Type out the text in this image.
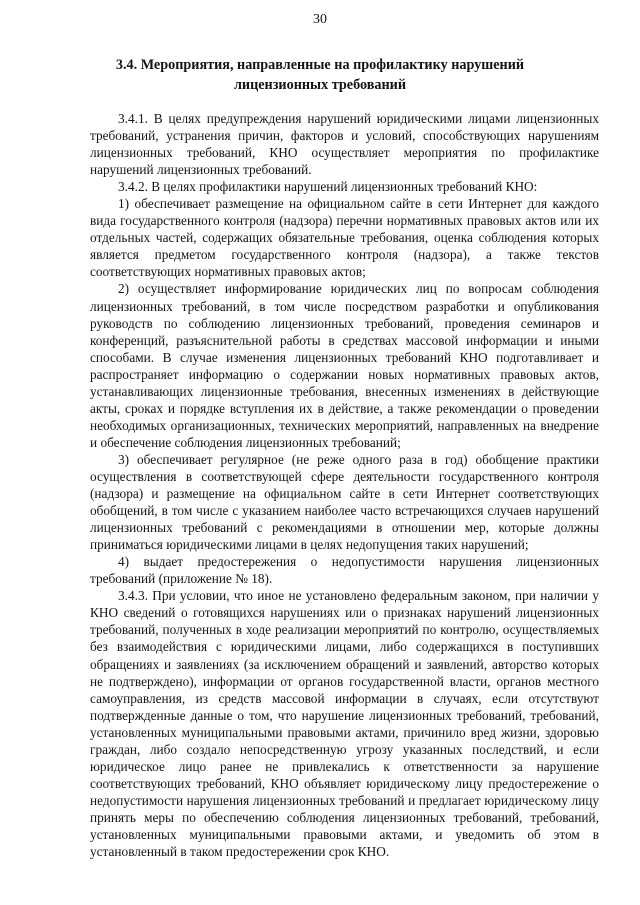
30
3.4. Мероприятия, направленные на профилактику нарушений лицензионных требований

3.4.1. В целях предупреждения нарушений юридическими лицами лицензионных требований, устранения причин, факторов и условий, способствующих нарушениям лицензионных требований, КНО осуществляет мероприятия по профилактике нарушений лицензионных требований.

3.4.2. В целях профилактики нарушений лицензионных требований КНО:

1) обеспечивает размещение на официальном сайте в сети Интернет для каждого вида государственного контроля (надзора) перечни нормативных правовых актов или их отдельных частей, содержащих обязательные требования, оценка соблюдения которых является предметом государственного контроля (надзора), а также текстов соответствующих нормативных правовых актов;

2) осуществляет информирование юридических лиц по вопросам соблюдения лицензионных требований, в том числе посредством разработки и опубликования руководств по соблюдению лицензионных требований, проведения семинаров и конференций, разъяснительной работы в средствах массовой информации и иными способами. В случае изменения лицензионных требований КНО подготавливает и распространяет информацию о содержании новых нормативных правовых актов, устанавливающих лицензионные требования, внесенных изменениях в действующие акты, сроках и порядке вступления их в действие, а также рекомендации о проведении необходимых организационных, технических мероприятий, направленных на внедрение и обеспечение соблюдения лицензионных требований;

3) обеспечивает регулярное (не реже одного раза в год) обобщение практики осуществления в соответствующей сфере деятельности государственного контроля (надзора) и размещение на официальном сайте в сети Интернет соответствующих обобщений, в том числе с указанием наиболее часто встречающихся случаев нарушений лицензионных требований с рекомендациями в отношении мер, которые должны приниматься юридическими лицами в целях недопущения таких нарушений;

4) выдает предостережения о недопустимости нарушения лицензионных требований (приложение № 18).

3.4.3. При условии, что иное не установлено федеральным законом, при наличии у КНО сведений о готовящихся нарушениях или о признаках нарушений лицензионных требований, полученных в ходе реализации мероприятий по контролю, осуществляемых без взаимодействия с юридическими лицами, либо содержащихся в поступивших обращениях и заявлениях (за исключением обращений и заявлений, авторство которых не подтверждено), информации от органов государственной власти, органов местного самоуправления, из средств массовой информации в случаях, если отсутствуют подтвержденные данные о том, что нарушение лицензионных требований, требований, установленных муниципальными правовыми актами, причинило вред жизни, здоровью граждан, либо создало непосредственную угрозу указанных последствий, и если юридическое лицо ранее не привлекались к ответственности за нарушение соответствующих требований, КНО объявляет юридическому лицу предостережение о недопустимости нарушения лицензионных требований и предлагает юридическому лицу принять меры по обеспечению соблюдения лицензионных требований, требований, установленных муниципальными правовыми актами, и уведомить об этом в установленный в таком предостережении срок КНО.
